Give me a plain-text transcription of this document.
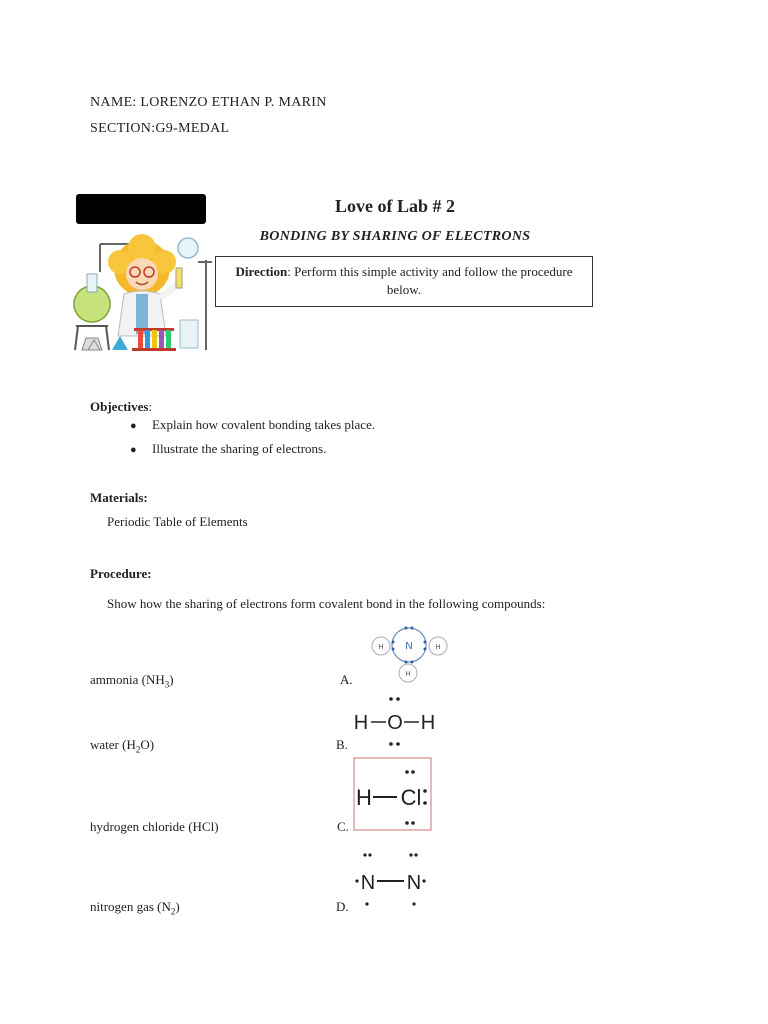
NAME: LORENZO ETHAN P. MARIN
SECTION:G9-MEDAL
Love of Lab # 2
BONDING BY SHARING OF ELECTRONS
Direction: Perform this simple activity and follow the procedure below.
Objectives:
● Explain how covalent bonding takes place.
● Illustrate the sharing of electrons.
Materials:
Periodic Table of Elements
Procedure:
Show how the sharing of electrons form covalent bond in the following compounds:
ammonia $(NH_3)$	A.
water $(H_2O)$	B.
hydrogen chloride (HCl)	C.
nitrogen gas $(N_2)$	D.
N
H	H
H
H O H
H Cl
N N
